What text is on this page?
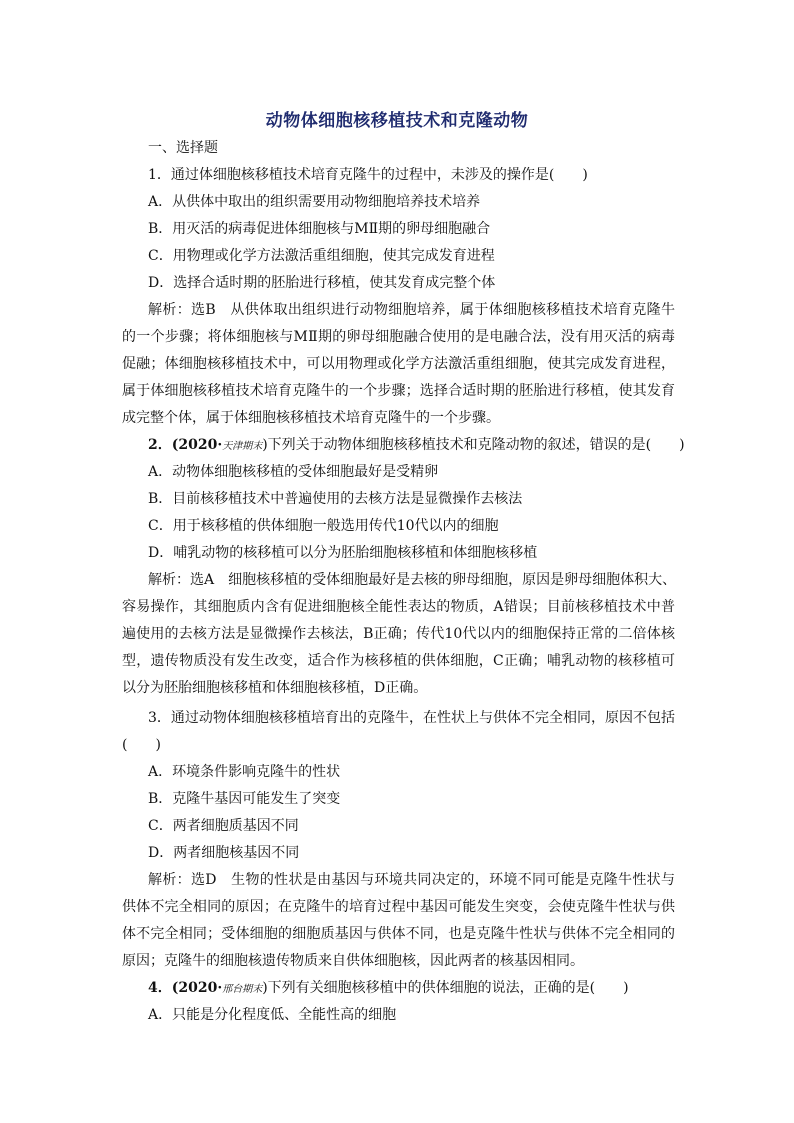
动物体细胞核移植技术和克隆动物
一、选择题
1．通过体细胞核移植技术培育克隆牛的过程中，未涉及的操作是(　　)
A．从供体中取出的组织需要用动物细胞培养技术培养
B．用灭活的病毒促进体细胞核与MⅡ期的卵母细胞融合
C．用物理或化学方法激活重组细胞，使其完成发育进程
D．选择合适时期的胚胎进行移植，使其发育成完整个体
解析：选B　从供体取出组织进行动物细胞培养，属于体细胞核移植技术培育克隆牛
的一个步骤；将体细胞核与MⅡ期的卵母细胞融合使用的是电融合法，没有用灭活的病毒
促融；体细胞核移植技术中，可以用物理或化学方法激活重组细胞，使其完成发育进程，
属于体细胞核移植技术培育克隆牛的一个步骤；选择合适时期的胚胎进行移植，使其发育
成完整个体，属于体细胞核移植技术培育克隆牛的一个步骤。
2．(2020·天津期末)下列关于动物体细胞核移植技术和克隆动物的叙述，错误的是(　　)
A．动物体细胞核移植的受体细胞最好是受精卵
B．目前核移植技术中普遍使用的去核方法是显微操作去核法
C．用于核移植的供体细胞一般选用传代10代以内的细胞
D．哺乳动物的核移植可以分为胚胎细胞核移植和体细胞核移植
解析：选A　细胞核移植的受体细胞最好是去核的卵母细胞，原因是卵母细胞体积大、
容易操作，其细胞质内含有促进细胞核全能性表达的物质，A错误；目前核移植技术中普
遍使用的去核方法是显微操作去核法，B正确；传代10代以内的细胞保持正常的二倍体核
型，遗传物质没有发生改变，适合作为核移植的供体细胞，C正确；哺乳动物的核移植可
以分为胚胎细胞核移植和体细胞核移植，D正确。
3．通过动物体细胞核移植培育出的克隆牛，在性状上与供体不完全相同，原因不包括
(　　)
A．环境条件影响克隆牛的性状
B．克隆牛基因可能发生了突变
C．两者细胞质基因不同
D．两者细胞核基因不同
解析：选D　生物的性状是由基因与环境共同决定的，环境不同可能是克隆牛性状与
供体不完全相同的原因；在克隆牛的培育过程中基因可能发生突变，会使克隆牛性状与供
体不完全相同；受体细胞的细胞质基因与供体不同，也是克隆牛性状与供体不完全相同的
原因；克隆牛的细胞核遗传物质来自供体细胞核，因此两者的核基因相同。
4．(2020·邢台期末)下列有关细胞核移植中的供体细胞的说法，正确的是(　　)
A．只能是分化程度低、全能性高的细胞
